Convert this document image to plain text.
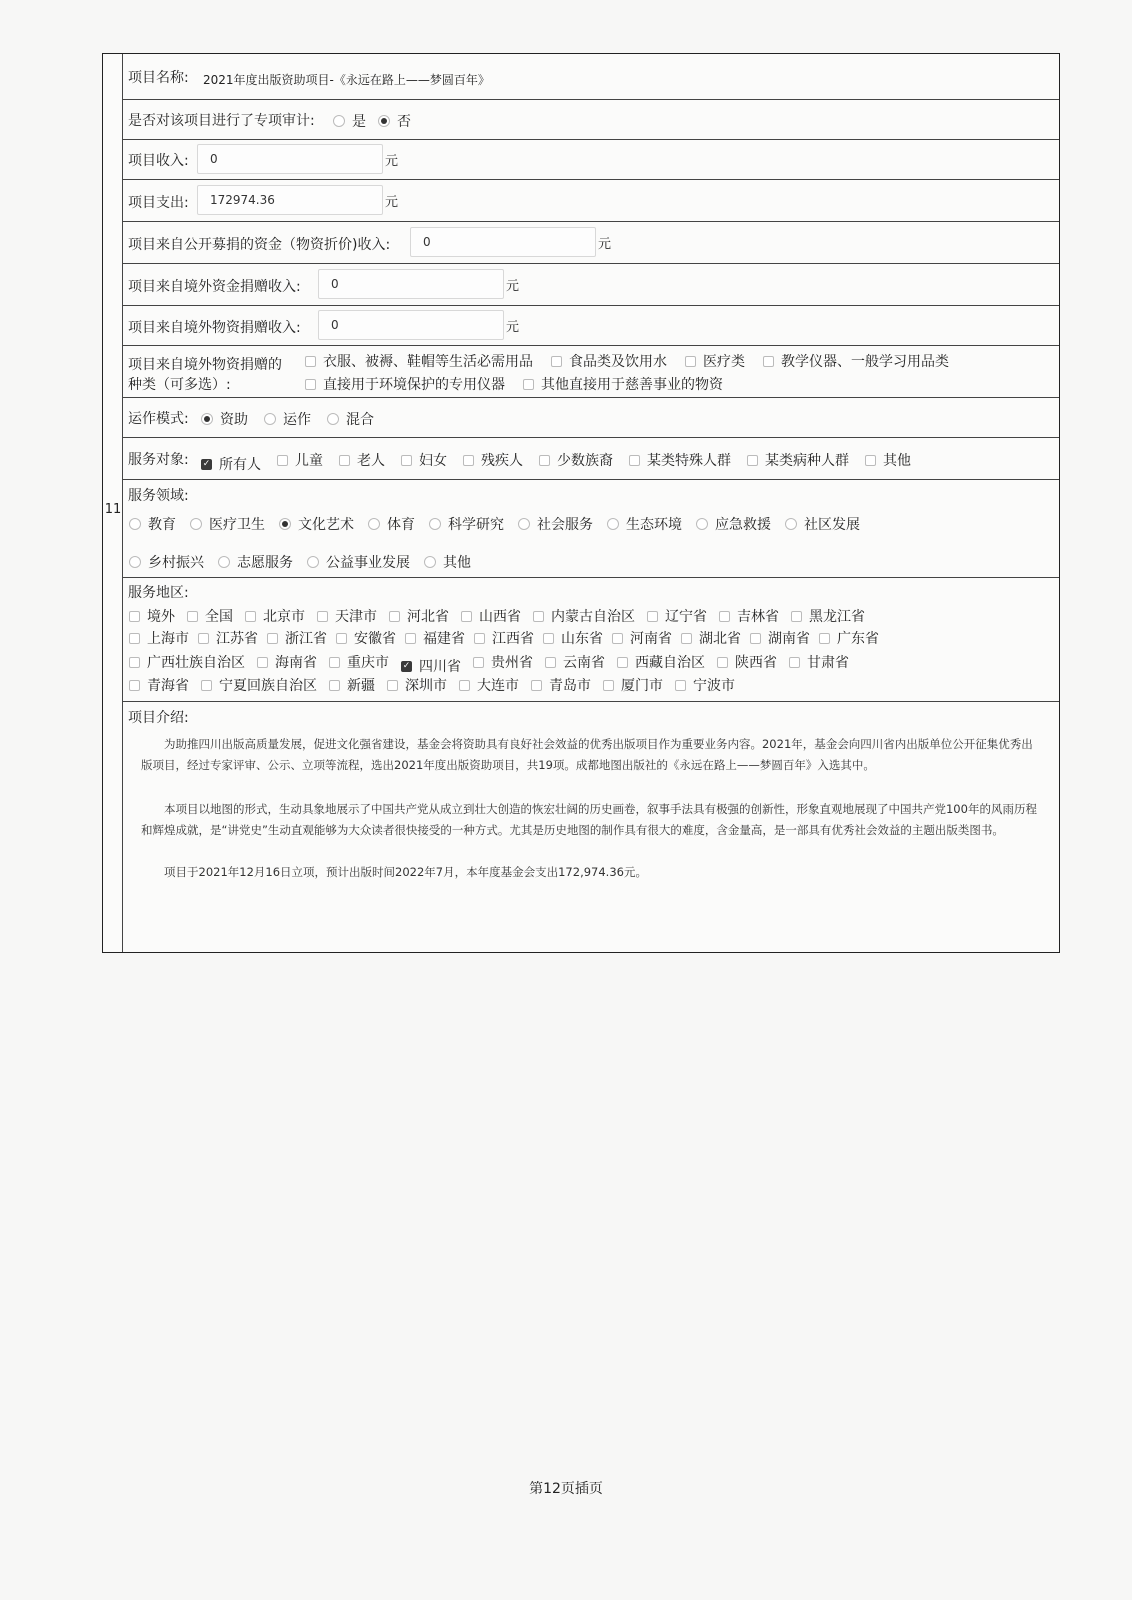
11
项目名称: 2021年度出版资助项目-《永远在路上——梦圆百年》
是否对该项目进行了专项审计:	是 否
项目收入:	0	元
项目支出:	172974.36	元
项目来自公开募捐的资金（物资折价)收入:	0	元
项目来自境外资金捐赠收入:	0	元
项目来自境外物资捐赠收入:	0	元
项目来自境外物资捐赠的
种类（可多选）:
衣服、被褥、鞋帽等生活必需用品	食品类及饮用水	医疗类	教学仪器、一般学习用品类
直接用于环境保护的专用仪器	其他直接用于慈善事业的物资
运作模式: 资助	运作	混合
服务对象: ✓ 所有人 儿童 老人 妇女 残疾人 少数族裔 某类特殊人群 某类病种人群 其他
服务领域:
教育 医疗卫生 文化艺术 体育 科学研究 社会服务 生态环境 应急救援 社区发展
乡村振兴 志愿服务 公益事业发展 其他
服务地区:
境外 全国 北京市 天津市 河北省 山西省 内蒙古自治区 辽宁省 吉林省 黑龙江省
上海市 江苏省 浙江省 安徽省 福建省 江西省 山东省 河南省 湖北省 湖南省 广东省
广西壮族自治区 海南省 重庆市 ✓ 四川省 贵州省 云南省 西藏自治区 陕西省 甘肃省
青海省 宁夏回族自治区 新疆 深圳市 大连市 青岛市 厦门市 宁波市
项目介绍:
为助推四川出版高质量发展，促进文化强省建设，基金会将资助具有良好社会效益的优秀出版项目作为重要业务内容。2021年，基金会向四川省内出版单位公开征集优秀出版项目，经过专家评审、公示、立项等流程，选出2021年度出版资助项目，共19项。成都地图出版社的《永远在路上——梦圆百年》入选其中。
本项目以地图的形式，生动具象地展示了中国共产党从成立到壮大创造的恢宏壮阔的历史画卷，叙事手法具有极强的创新性，形象直观地展现了中国共产党100年的风雨历程和辉煌成就，是“讲党史”生动直观能够为大众读者很快接受的一种方式。尤其是历史地图的制作具有很大的难度，含金量高，是一部具有优秀社会效益的主题出版类图书。
项目于2021年12月16日立项，预计出版时间2022年7月，本年度基金会支出172,974.36元。
第12页插页
